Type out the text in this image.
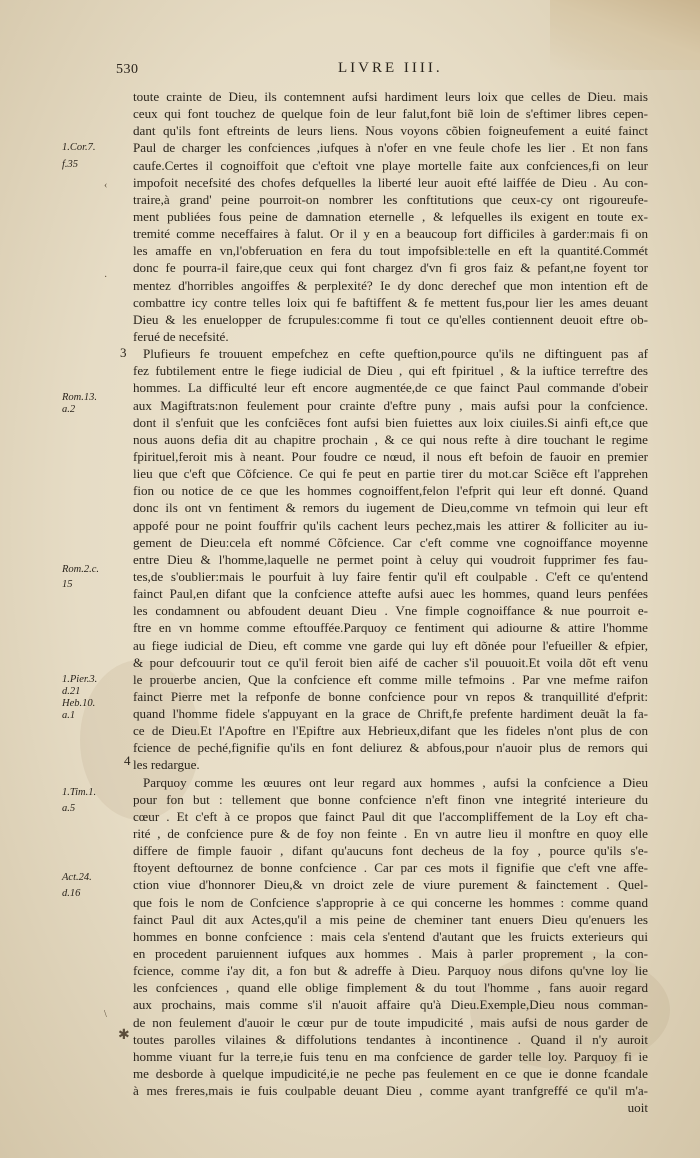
530	LIVRE IIII.
3
4
1.Cor.7.
f.35
Rom.13.
a.2
Rom.2.c.
15
1.Pier.3.
d.21
Heb.10.
a.1
1.Tim.1.
a.5
Act.24.
d.16
‹
·
\
✱
toute crainte de Dieu, ils contemnent aufsi hardiment leurs loix que celles de Dieu. mais
ceux qui font touchez de quelque foin de leur falut,font biẽ loin de s'eftimer libres cepen-
dant qu'ils font eftreints de leurs liens. Nous voyons cõbien foigneufement a euité fainct
Paul de charger les confciences ,iufques à n'ofer en vne feule chofe les lier . Et non fans
caufe.Certes il cognoiffoit que c'eftoit vne playe mortelle faite aux confciences,fi on leur
impofoit necefsité des chofes defquelles la liberté leur auoit efté laiffée de Dieu . Au con-
traire,à grand' peine pourroit-on nombrer les conftitutions que ceux-cy ont rigoureufe-
ment publiées fous peine de damnation eternelle , & lefquelles ils exigent en toute ex-
tremité comme neceffaires à falut. Or il y en a beaucoup fort difficiles à garder:mais fi on
les amaffe en vn,l'obferuation en fera du tout impofsible:telle en eft la quantité.Commét
donc fe pourra-il faire,que ceux qui font chargez d'vn fi gros faiz & pefant,ne foyent tor
mentez d'horribles angoiffes & perplexité? Ie dy donc derechef que mon intention eft de
combattre icy contre telles loix qui fe baftiffent & fe mettent fus,pour lier les ames deuant
Dieu & les enuelopper de fcrupules:comme fi tout ce qu'elles contiennent deuoit eftre ob-
ferué de necefsité.
Plufieurs fe trouuent empefchez en cefte queftion,pource qu'ils ne diftinguent pas af
fez fubtilement entre le fiege iudicial de Dieu , qui eft fpirituel , & la iuftice terreftre des
hommes. La difficulté leur eft encore augmentée,de ce que fainct Paul commande d'obeir
aux Magiftrats:non feulement pour crainte d'eftre puny , mais aufsi pour la confcience.
dont il s'enfuit que les confciẽces font aufsi bien fuiettes aux loix ciuiles.Si ainfi eft,ce que
nous auons defia dit au chapitre prochain , & ce qui nous refte à dire touchant le regime
fpirituel,feroit mis à neant. Pour foudre ce nœud, il nous eft befoin de fauoir en premier
lieu que c'eft que Cõfcience. Ce qui fe peut en partie tirer du mot.car Sciẽce eft l'apprehen
fion ou notice de ce que les hommes cognoiffent,felon l'efprit qui leur eft donné. Quand
donc ils ont vn fentiment & remors du iugement de Dieu,comme vn tefmoin qui leur eft
appofé pour ne point fouffrir qu'ils cachent leurs pechez,mais les attirer & folliciter au iu-
gement de Dieu:cela eft nommé Cõfcience. Car c'eft comme vne cognoiffance moyenne
entre Dieu & l'homme,laquelle ne permet point à celuy qui voudroit fupprimer fes fau-
tes,de s'oublier:mais le pourfuit à luy faire fentir qu'il eft coulpable . C'eft ce qu'entend
fainct Paul,en difant que la confcience attefte aufsi auec les hommes, quand leurs penfées
les condamnent ou abfoudent deuant Dieu . Vne fimple cognoiffance & nue pourroit e-
ftre en vn homme comme eftouffée.Parquoy ce fentiment qui adiourne & attire l'homme
au fiege iudicial de Dieu, eft comme vne garde qui luy eft dõnée pour l'efueiller & efpier,
& pour defcouurir tout ce qu'il feroit bien aifé de cacher s'il pouuoit.Et voila dõt eft venu
le prouerbe ancien, Que la confcience eft comme mille tefmoins . Par vne mefme raifon
fainct Pierre met la refponfe de bonne confcience pour vn repos & tranquillité d'efprit:
quand l'homme fidele s'appuyant en la grace de Chrift,fe prefente hardiment deuãt la fa-
ce de Dieu.Et l'Apoftre en l'Epiftre aux Hebrieux,difant que les fideles n'ont plus de con
fcience de peché,fignifie qu'ils en font deliurez & abfous,pour n'auoir plus de remors qui
les redargue.
Parquoy comme les œuures ont leur regard aux hommes , aufsi la confcience a Dieu
pour fon but : tellement que bonne confcience n'eft finon vne integrité interieure du
cœur . Et c'eft à ce propos que fainct Paul dit que l'accompliffement de la Loy eft cha-
rité , de confcience pure & de foy non feinte . En vn autre lieu il monftre en quoy elle
differe de fimple fauoir , difant qu'aucuns font decheus de la foy , pource qu'ils s'e-
ftoyent deftournez de bonne confcience . Car par ces mots il fignifie que c'eft vne affe-
ction viue d'honnorer Dieu,& vn droict zele de viure purement & fainctement . Quel-
que fois le nom de Confcience s'approprie à ce qui concerne les hommes : comme quand
fainct Paul dit aux Actes,qu'il a mis peine de cheminer tant enuers Dieu qu'enuers les
hommes en bonne confcience : mais cela s'entend d'autant que les fruicts exterieurs qui
en procedent paruiennent iufques aux hommes . Mais à parler proprement , la con-
fcience, comme i'ay dit, a fon but & adreffe à Dieu. Parquoy nous difons qu'vne loy lie
les confciences , quand elle oblige fimplement & du tout l'homme , fans auoir regard
aux prochains, mais comme s'il n'auoit affaire qu'à Dieu.Exemple,Dieu nous comman-
de non feulement d'auoir le cœur pur de toute impudicité , mais aufsi de nous garder de
toutes parolles vilaines & diffolutions tendantes à incontinence . Quand il n'y auroit
homme viuant fur la terre,ie fuis tenu en ma confcience de garder telle loy. Parquoy fi ie
me desborde à quelque impudicité,ie ne peche pas feulement en ce que ie donne fcandale
à mes freres,mais ie fuis coulpable deuant Dieu , comme ayant tranfgreffé ce qu'il m'a-
uoit
